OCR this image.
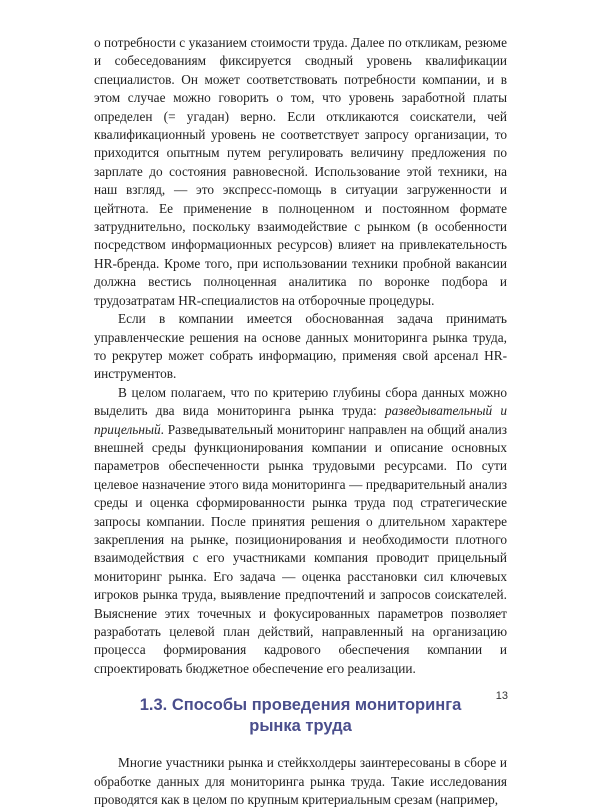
о потребности с указанием стоимости труда. Далее по откликам, резюме и собеседованиям фиксируется сводный уровень квалификации специалистов. Он может соответствовать потребности компании, и в этом случае можно говорить о том, что уровень заработной платы определен (= угадан) верно. Если откликаются соискатели, чей квалификационный уровень не соответствует запросу организации, то приходится опытным путем регулировать величину предложения по зарплате до состояния равновесной. Использование этой техники, на наш взгляд, — это экспресс-помощь в ситуации загруженности и цейтнота. Ее применение в полноценном и постоянном формате затруднительно, поскольку взаимодействие с рынком (в особенности посредством информационных ресурсов) влияет на привлекательность HR-бренда. Кроме того, при использовании техники пробной вакансии должна вестись полноценная аналитика по воронке подбора и трудозатратам HR-специалистов на отборочные процедуры.

Если в компании имеется обоснованная задача принимать управленческие решения на основе данных мониторинга рынка труда, то рекрутер может собрать информацию, применяя свой арсенал HR-инструментов.

В целом полагаем, что по критерию глубины сбора данных можно выделить два вида мониторинга рынка труда: разведывательный и прицельный. Разведывательный мониторинг направлен на общий анализ внешней среды функционирования компании и описание основных параметров обеспеченности рынка трудовыми ресурсами. По сути целевое назначение этого вида мониторинга — предварительный анализ среды и оценка сформированности рынка труда под стратегические запросы компании. После принятия решения о длительном характере закрепления на рынке, позиционирования и необходимости плотного взаимодействия с его участниками компания проводит прицельный мониторинг рынка. Его задача — оценка расстановки сил ключевых игроков рынка труда, выявление предпочтений и запросов соискателей. Выяснение этих точечных и фокусированных параметров позволяет разработать целевой план действий, направленный на организацию процесса формирования кадрового обеспечения компании и спроектировать бюджетное обеспечение его реализации.

1.3. Способы проведения мониторинга

рынка труда

Многие участники рынка и стейкхолдеры заинтересованы в сборе и обработке данных для мониторинга рынка труда. Такие исследования проводятся как в целом по крупным критериальным срезам (например,

13
